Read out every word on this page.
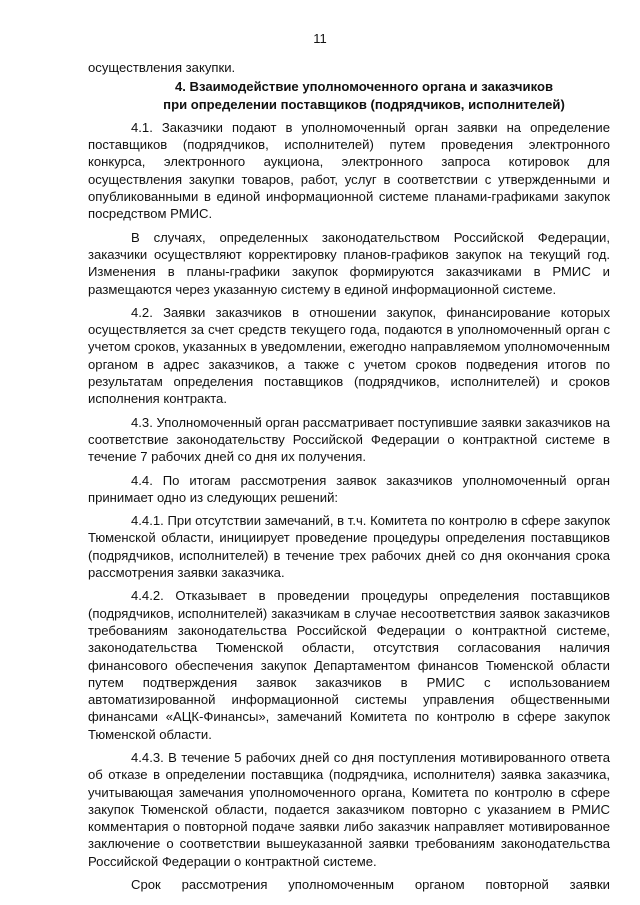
11

осуществления закупки.

4. Взаимодействие уполномоченного органа и заказчиков
при определении поставщиков (подрядчиков, исполнителей)

4.1. Заказчики подают в уполномоченный орган заявки на определение поставщиков (подрядчиков, исполнителей) путем проведения электронного конкурса, электронного аукциона, электронного запроса котировок для осуществления закупки товаров, работ, услуг в соответствии с утвержденными и опубликованными в единой информационной системе планами-графиками закупок посредством РМИС.

В случаях, определенных законодательством Российской Федерации, заказчики осуществляют корректировку планов-графиков закупок на текущий год. Изменения в планы-графики закупок формируются заказчиками в РМИС и размещаются через указанную систему в единой информационной системе.

4.2. Заявки заказчиков в отношении закупок, финансирование которых осуществляется за счет средств текущего года, подаются в уполномоченный орган с учетом сроков, указанных в уведомлении, ежегодно направляемом уполномоченным органом в адрес заказчиков, а также с учетом сроков подведения итогов по результатам определения поставщиков (подрядчиков, исполнителей) и сроков исполнения контракта.

4.3. Уполномоченный орган рассматривает поступившие заявки заказчиков на соответствие законодательству Российской Федерации о контрактной системе в течение 7 рабочих дней со дня их получения.

4.4. По итогам рассмотрения заявок заказчиков уполномоченный орган принимает одно из следующих решений:

4.4.1. При отсутствии замечаний, в т.ч. Комитета по контролю в сфере закупок Тюменской области, инициирует проведение процедуры определения поставщиков (подрядчиков, исполнителей) в течение трех рабочих дней со дня окончания срока рассмотрения заявки заказчика.

4.4.2. Отказывает в проведении процедуры определения поставщиков (подрядчиков, исполнителей) заказчикам в случае несоответствия заявок заказчиков требованиям законодательства Российской Федерации о контрактной системе, законодательства Тюменской области, отсутствия согласования наличия финансового обеспечения закупок Департаментом финансов Тюменской области путем подтверждения заявок заказчиков в РМИС с использованием автоматизированной информационной системы управления общественными финансами «АЦК-Финансы», замечаний Комитета по контролю в сфере закупок Тюменской области.

4.4.3. В течение 5 рабочих дней со дня поступления мотивированного ответа об отказе в определении поставщика (подрядчика, исполнителя) заявка заказчика, учитывающая замечания уполномоченного органа, Комитета по контролю в сфере закупок Тюменской области, подается заказчиком повторно с указанием в РМИС комментария о повторной подаче заявки либо заказчик направляет мотивированное заключение о соответствии вышеуказанной заявки требованиям законодательства Российской Федерации о контрактной системе.

Срок рассмотрения уполномоченным органом повторной заявки
